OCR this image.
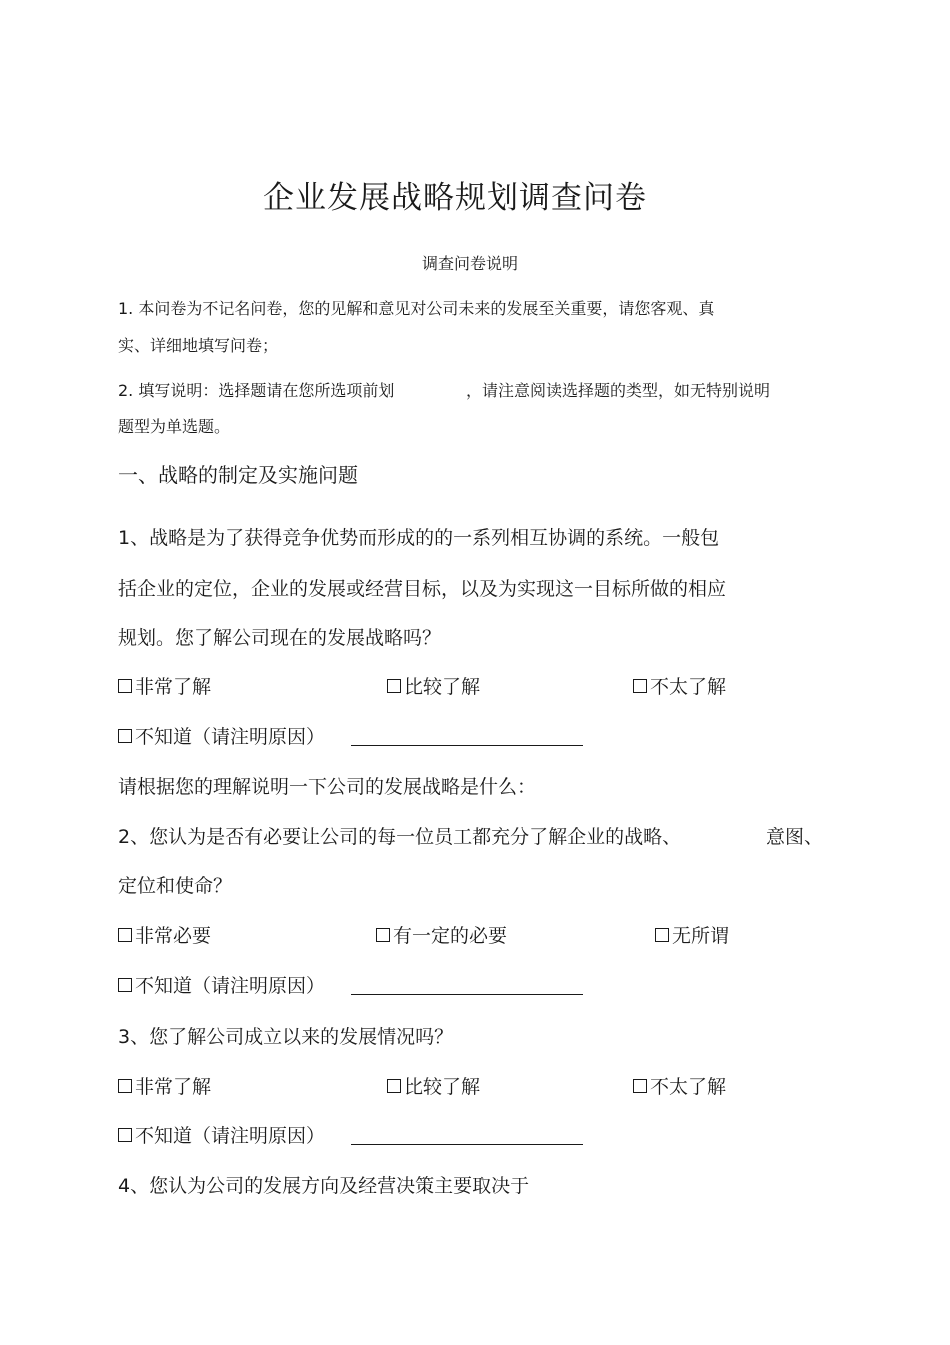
企业发展战略规划调查问卷
调查问卷说明
1. 本问卷为不记名问卷，您的见解和意见对公司未来的发展至关重要，请您客观、真
实、详细地填写问卷；
2. 填写说明：选择题请在您所选项前划	，请注意阅读选择题的类型，如无特别说明
题型为单选题。
一、战略的制定及实施问题
1、战略是为了获得竞争优势而形成的的一系列相互协调的系统。一般包
括企业的定位，企业的发展或经营目标，以及为实现这一目标所做的相应
规划。您了解公司现在的发展战略吗？
非常了解	比较了解	不太了解
不知道（请注明原因）
请根据您的理解说明一下公司的发展战略是什么：
2、您认为是否有必要让公司的每一位员工都充分了解企业的战略、	意图、
定位和使命？
非常必要	有一定的必要	无所谓
不知道（请注明原因）
3、您了解公司成立以来的发展情况吗？
非常了解	比较了解	不太了解
不知道（请注明原因）
4、您认为公司的发展方向及经营决策主要取决于
